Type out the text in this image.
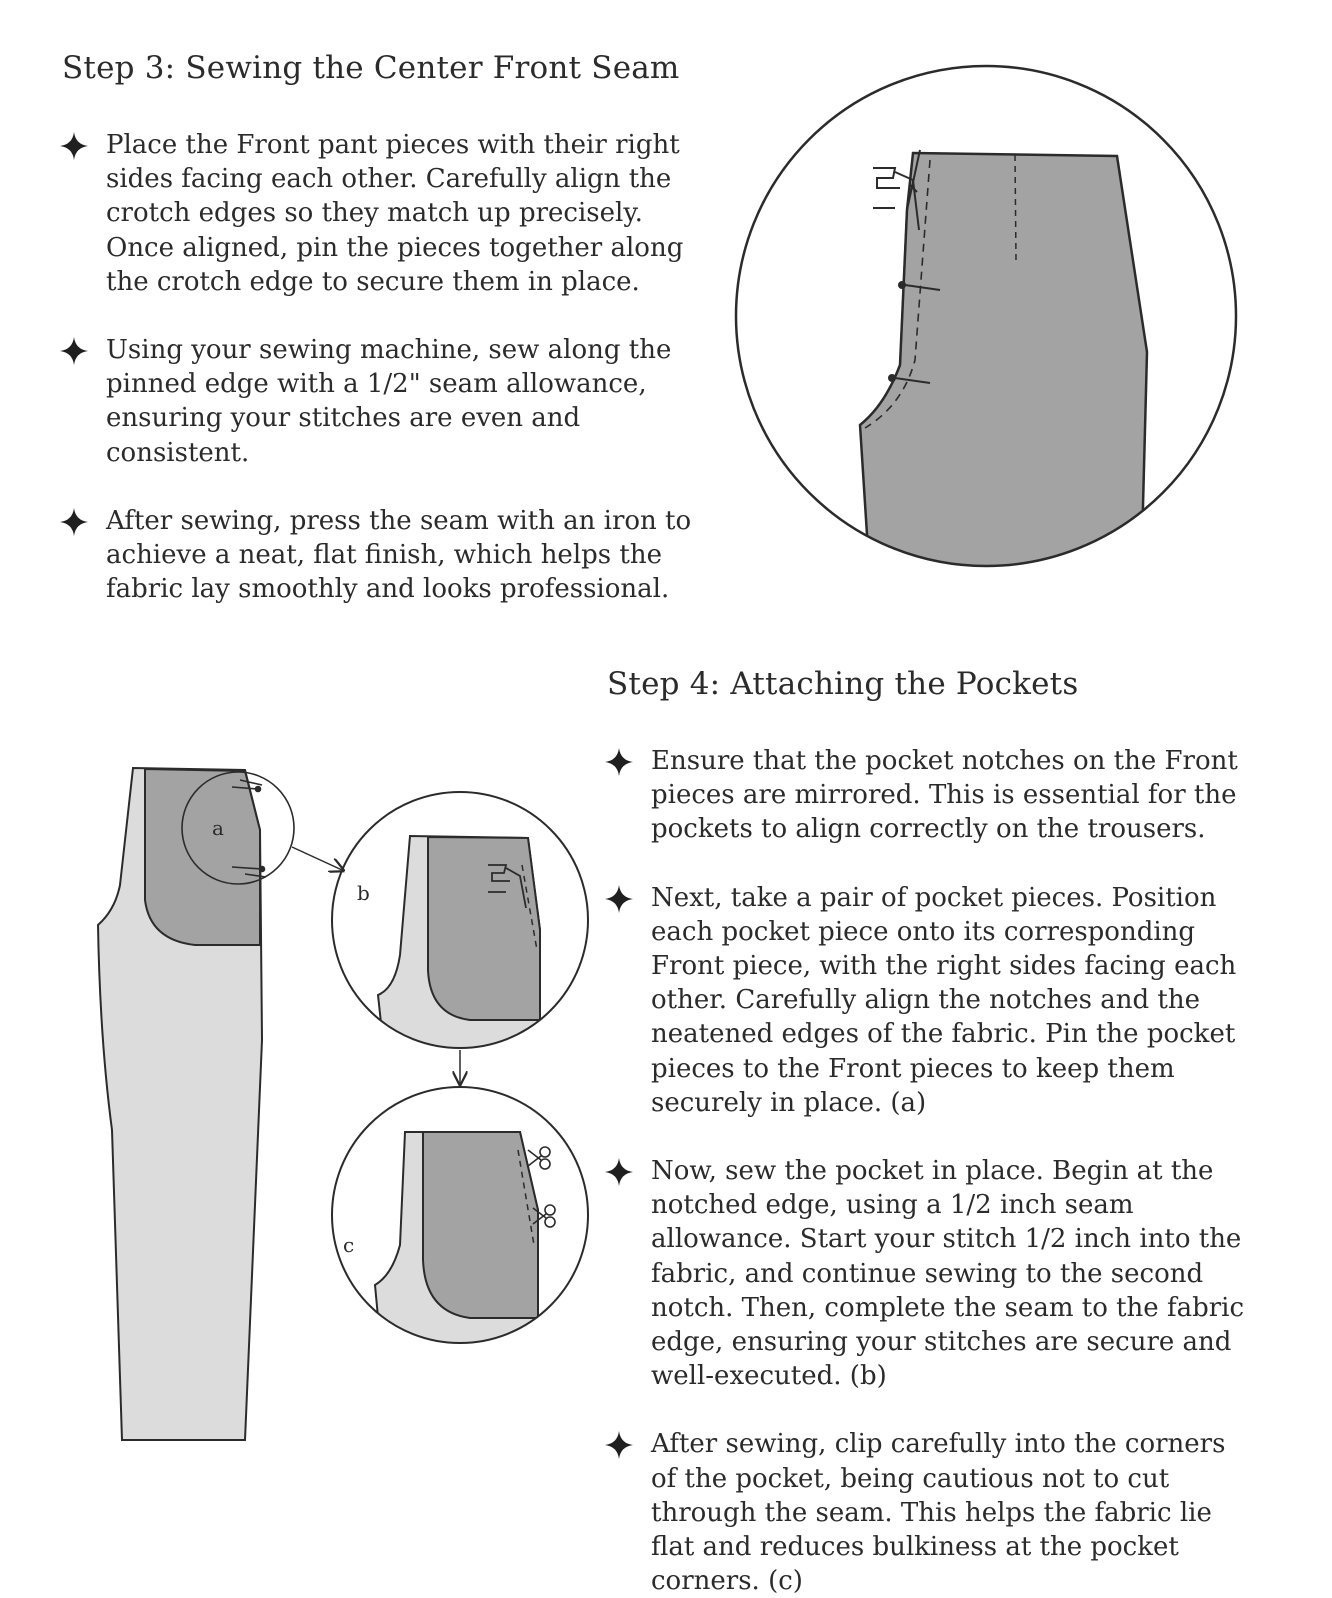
Step 3: Sewing the Center Front Seam
Place the Front pant pieces with their right sides facing each other. Carefully align the crotch edges so they match up precisely. Once aligned, pin the pieces together along the crotch edge to secure them in place.
Using your sewing machine, sew along the pinned edge with a 1/2" seam allowance, ensuring your stitches are even and consistent.
After sewing, press the seam with an iron to achieve a neat, flat finish, which helps the fabric lay smoothly and looks professional.
Step 4: Attaching the Pockets
Ensure that the pocket notches on the Front pieces are mirrored. This is essential for the pockets to align correctly on the trousers.
Next, take a pair of pocket pieces. Position each pocket piece onto its corresponding Front piece, with the right sides facing each other. Carefully align the notches and the neatened edges of the fabric. Pin the pocket pieces to the Front pieces to keep them securely in place. (a)
Now, sew the pocket in place. Begin at the notched edge, using a 1/2 inch seam allowance. Start your stitch 1/2 inch into the fabric, and continue sewing to the second notch. Then, complete the seam to the fabric edge, ensuring your stitches are secure and well-executed. (b)
After sewing, clip carefully into the corners of the pocket, being cautious not to cut through the seam. This helps the fabric lie flat and reduces bulkiness at the pocket corners. (c)
a
b
c
